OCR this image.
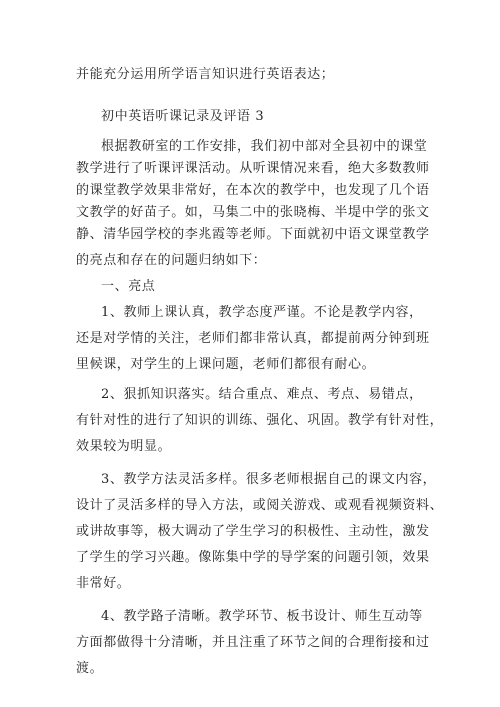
并能充分运用所学语言知识进行英语表达；
初中英语听课记录及评语 3
根据教研室的工作安排，我们初中部对全县初中的课堂
教学进行了听课评课活动。从听课情况来看，绝大多数教师
的课堂教学效果非常好，在本次的教学中，也发现了几个语
文教学的好苗子。如，马集二中的张晓梅、半堤中学的张文
静、清华园学校的李兆霞等老师。下面就初中语文课堂教学
的亮点和存在的问题归纳如下：
一、亮点
1、教师上课认真，教学态度严谨。不论是教学内容，
还是对学情的关注，老师们都非常认真，都提前两分钟到班
里候课，对学生的上课问题，老师们都很有耐心。
2、狠抓知识落实。结合重点、难点、考点、易错点，
有针对性的进行了知识的训练、强化、巩固。教学有针对性，
效果较为明显。
3、教学方法灵活多样。很多老师根据自己的课文内容，
设计了灵活多样的导入方法，或阅关游戏、或观看视频资料、
或讲故事等，极大调动了学生学习的积极性、主动性，激发
了学生的学习兴趣。像陈集中学的导学案的问题引领，效果
非常好。
4、教学路子清晰。教学环节、板书设计、师生互动等
方面都做得十分清晰，并且注重了环节之间的合理衔接和过
渡。
